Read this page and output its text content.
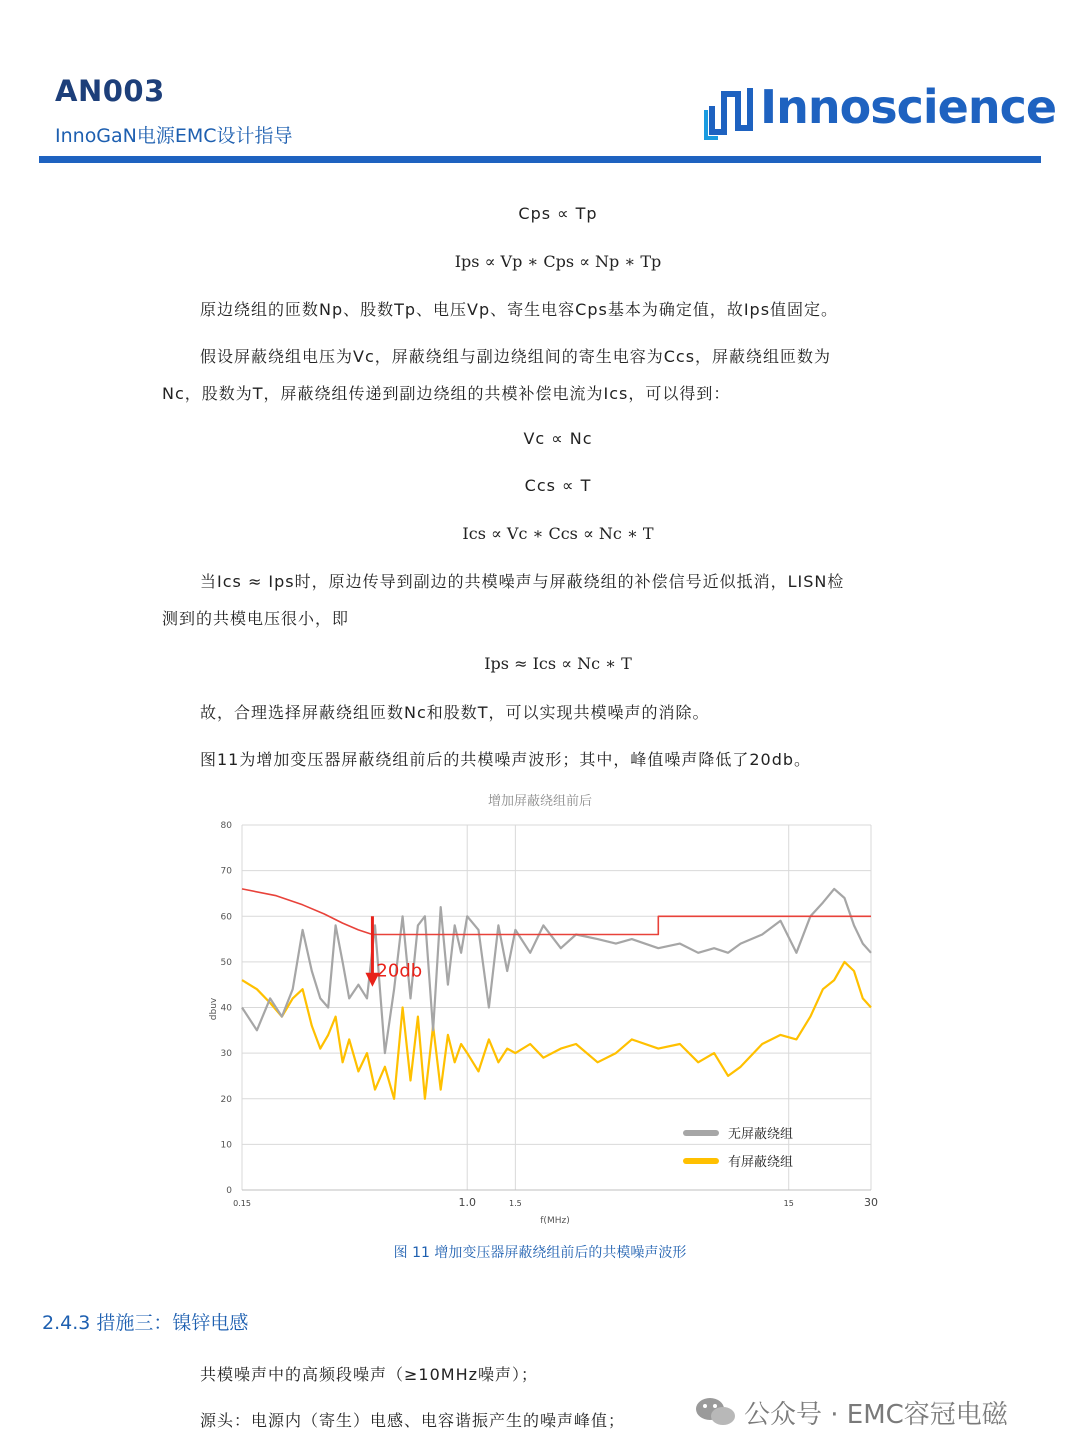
AN003
InnoGaN电源EMC设计指导
Innoscience
Cps ∝ Tp
Ips ∝ Vp ∗ Cps ∝ Np ∗ Tp
原边绕组的匝数Np、股数Tp、电压Vp、寄生电容Cps基本为确定值，故Ips值固定。
假设屏蔽绕组电压为Vc，屏蔽绕组与副边绕组间的寄生电容为Ccs，屏蔽绕组匝数为
Nc，股数为T，屏蔽绕组传递到副边绕组的共模补偿电流为Ics，可以得到：
Vc ∝ Nc
Ccs ∝ T
Ics ∝ Vc ∗ Ccs ∝ Nc ∗ T
当Ics ≈ Ips时，原边传导到副边的共模噪声与屏蔽绕组的补偿信号近似抵消，LISN检
测到的共模电压很小，即
Ips ≈ Ics ∝ Nc ∗ T
故，合理选择屏蔽绕组匝数Nc和股数T，可以实现共模噪声的消除。
图11为增加变压器屏蔽绕组前后的共模噪声波形；其中，峰值噪声降低了20db。
增加屏蔽绕组前后
0
10
20
30
40
50
60
70
80
0.15	1.0	1.5	15	30
dbuv
f(MHz)
20db
无屏蔽绕组
有屏蔽绕组
图 11 增加变压器屏蔽绕组前后的共模噪声波形
2.4.3 措施三：镍锌电感
共模噪声中的高频段噪声（≥10MHz噪声）；
源头：电源内（寄生）电感、电容谐振产生的噪声峰值；	公众号 · EMC容冠电磁
